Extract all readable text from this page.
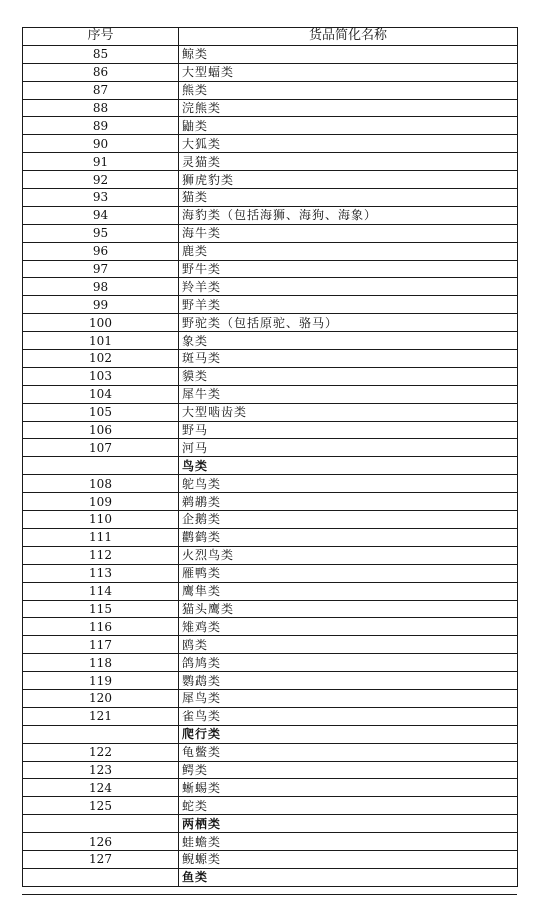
序号	货品简化名称
85	鲸类
86	大型蝠类
87	熊类
88	浣熊类
89	鼬类
90	大狐类
91	灵猫类
92	狮虎豹类
93	猫类
94	海豹类（包括海狮、海狗、海象）
95	海牛类
96	鹿类
97	野牛类
98	羚羊类
99	野羊类
100	野驼类（包括原驼、骆马）
101	象类
102	斑马类
103	貘类
104	犀牛类
105	大型啮齿类
106	野马
107	河马
	鸟类
108	鸵鸟类
109	鹈鹕类
110	企鹅类
111	鹳鹤类
112	火烈鸟类
113	雁鸭类
114	鹰隼类
115	猫头鹰类
116	雉鸡类
117	鸥类
118	鸽鸠类
119	鹦鹉类
120	犀鸟类
121	雀鸟类
	爬行类
122	龟鳖类
123	鳄类
124	蜥蜴类
125	蛇类
	两栖类
126	蛙蟾类
127	鲵螈类
	鱼类
